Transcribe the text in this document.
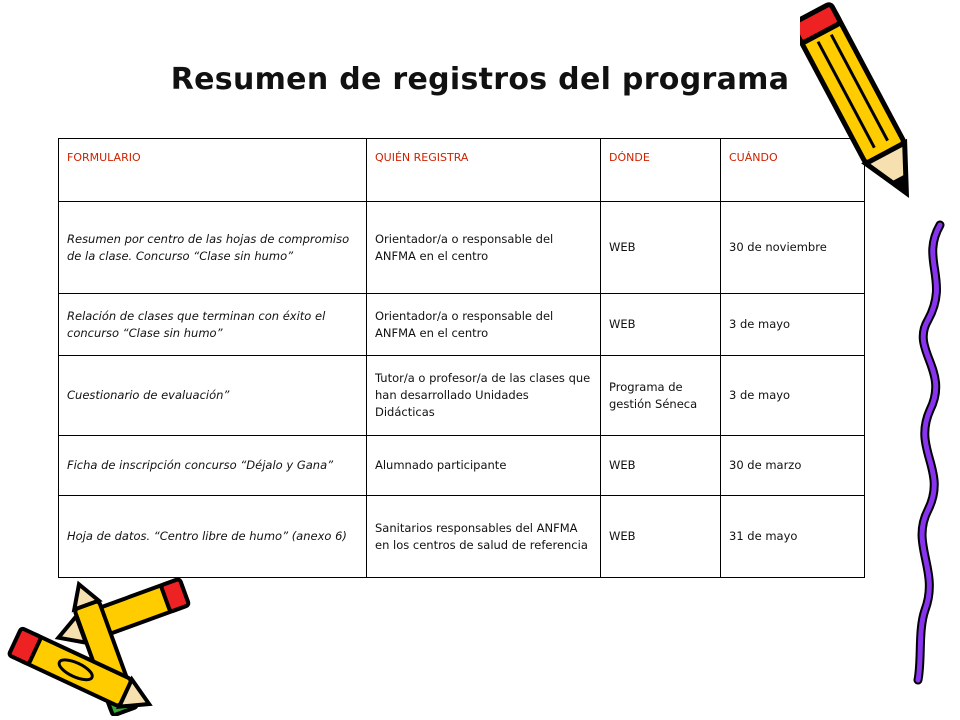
Resumen de registros del programa
FORMULARIO	QUIÉN REGISTRA	DÓNDE	CUÁNDO
Resumen por centro de las hojas de compromiso de la clase. Concurso “Clase sin humo”	Orientador/a o responsable del ANFMA en el centro	WEB	30 de noviembre
Relación de clases que terminan con éxito el concurso “Clase sin humo”	Orientador/a o responsable del ANFMA en el centro	WEB	3 de mayo
Cuestionario de evaluación”	Tutor/a o profesor/a de las clases que han desarrollado Unidades Didácticas	Programa de gestión Séneca	3 de mayo
Ficha de inscripción concurso “Déjalo y Gana”	Alumnado participante	WEB	30 de marzo
Hoja de datos. “Centro libre de humo” (anexo 6)	Sanitarios responsables del ANFMA en los centros de salud de referencia	WEB	31 de mayo
